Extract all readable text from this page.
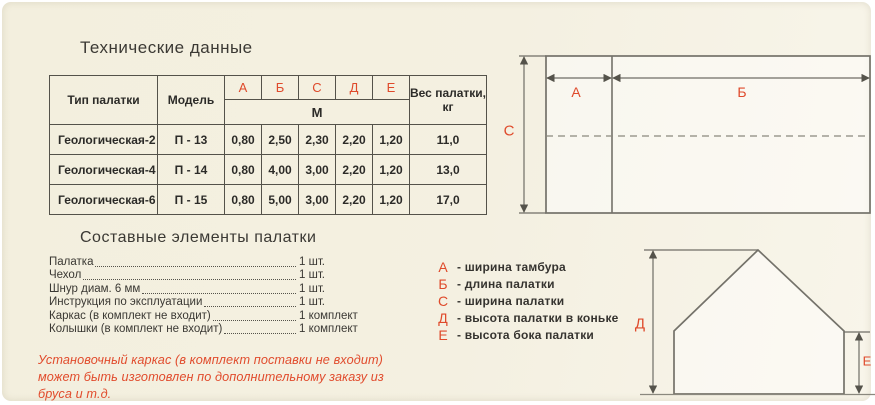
Технические данные
Тип палатки	Модель	А	Б	С	Д	Е	Вес палатки, кг
		М					
Геологическая-2	П - 13	0,80	2,50	2,30	2,20	1,20	11,0
Геологическая-4	П - 14	0,80	4,00	3,00	2,20	1,20	13,0
Геологическая-6	П - 15	0,80	5,00	3,00	2,20	1,20	17,0
Составные элементы палатки
Палатка	1 шт.
Чехол	1 шт.
Шнур диам. 6 мм	1 шт.
Инструкция по эксплуатации	1 шт.
Каркас (в комплект не входит)	1 комплект
Колышки (в комплект не входит)	1 комплект
Установочный каркас (в комплект поставки не входит) может быть изготовлен по дополнительному заказу из бруса и т.д.
А - ширина тамбура
Б - длина палатки
С - ширина палатки
Д - высота палатки в коньке
Е - высота бока палатки
А	Б
С
Д
Е
